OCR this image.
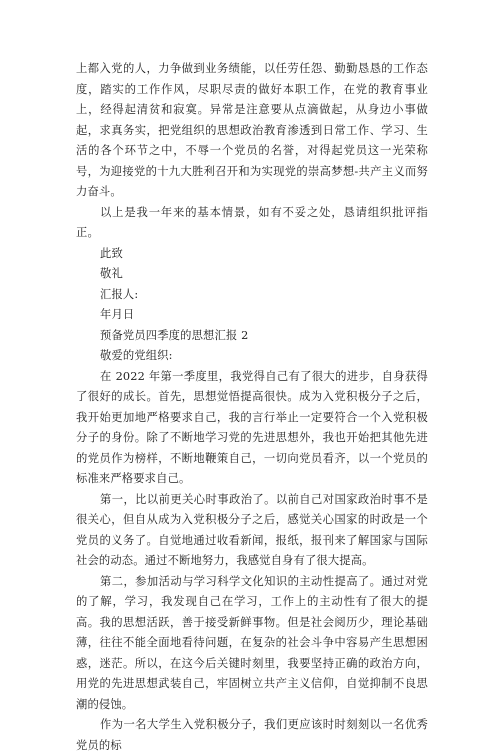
上都入党的人，力争做到业务绩能，以任劳任怨、勤勤恳恳的工作态度，踏实的工作作风，尽职尽责的做好本职工作，在党的教育事业上，经得起清贫和寂寞。异常是注意要从点滴做起，从身边小事做起，求真务实，把党组织的思想政治教育渗透到日常工作、学习、生活的各个环节之中，不辱一个党员的名誉，对得起党员这一光荣称号，为迎接党的十九大胜利召开和为实现党的崇高梦想-共产主义而努力奋斗。

以上是我一年来的基本情景，如有不妥之处，恳请组织批评指正。

此致

敬礼

汇报人:

年月日

预备党员四季度的思想汇报 2

敬爱的党组织:

在 2022 年第一季度里，我党得自己有了很大的进步，自身获得了很好的成长。首先，思想觉悟提高很快。成为入党积极分子之后，我开始更加地严格要求自己，我的言行举止一定要符合一个入党积极分子的身份。除了不断地学习党的先进思想外，我也开始把其他先进的党员作为榜样，不断地鞭策自己，一切向党员看齐，以一个党员的标准来严格要求自己。

第一，比以前更关心时事政治了。以前自己对国家政治时事不是很关心，但自从成为入党积极分子之后，感觉关心国家的时政是一个党员的义务了。自觉地通过收看新闻，报纸，报刊来了解国家与国际社会的动态。通过不断地努力，我感觉自身有了很大提高。

第二，参加活动与学习科学文化知识的主动性提高了。通过对党的了解，学习，我发现自己在学习，工作上的主动性有了很大的提高。我的思想活跃，善于接受新鲜事物。但是社会阅历少，理论基础薄，往往不能全面地看待问题，在复杂的社会斗争中容易产生思想困惑，迷茫。所以，在这今后关键时刻里，我要坚持正确的政治方向，用党的先进思想武装自己，牢固树立共产主义信仰，自觉抑制不良思潮的侵蚀。

作为一名大学生入党积极分子，我们更应该时时刻刻以一名优秀党员的标
